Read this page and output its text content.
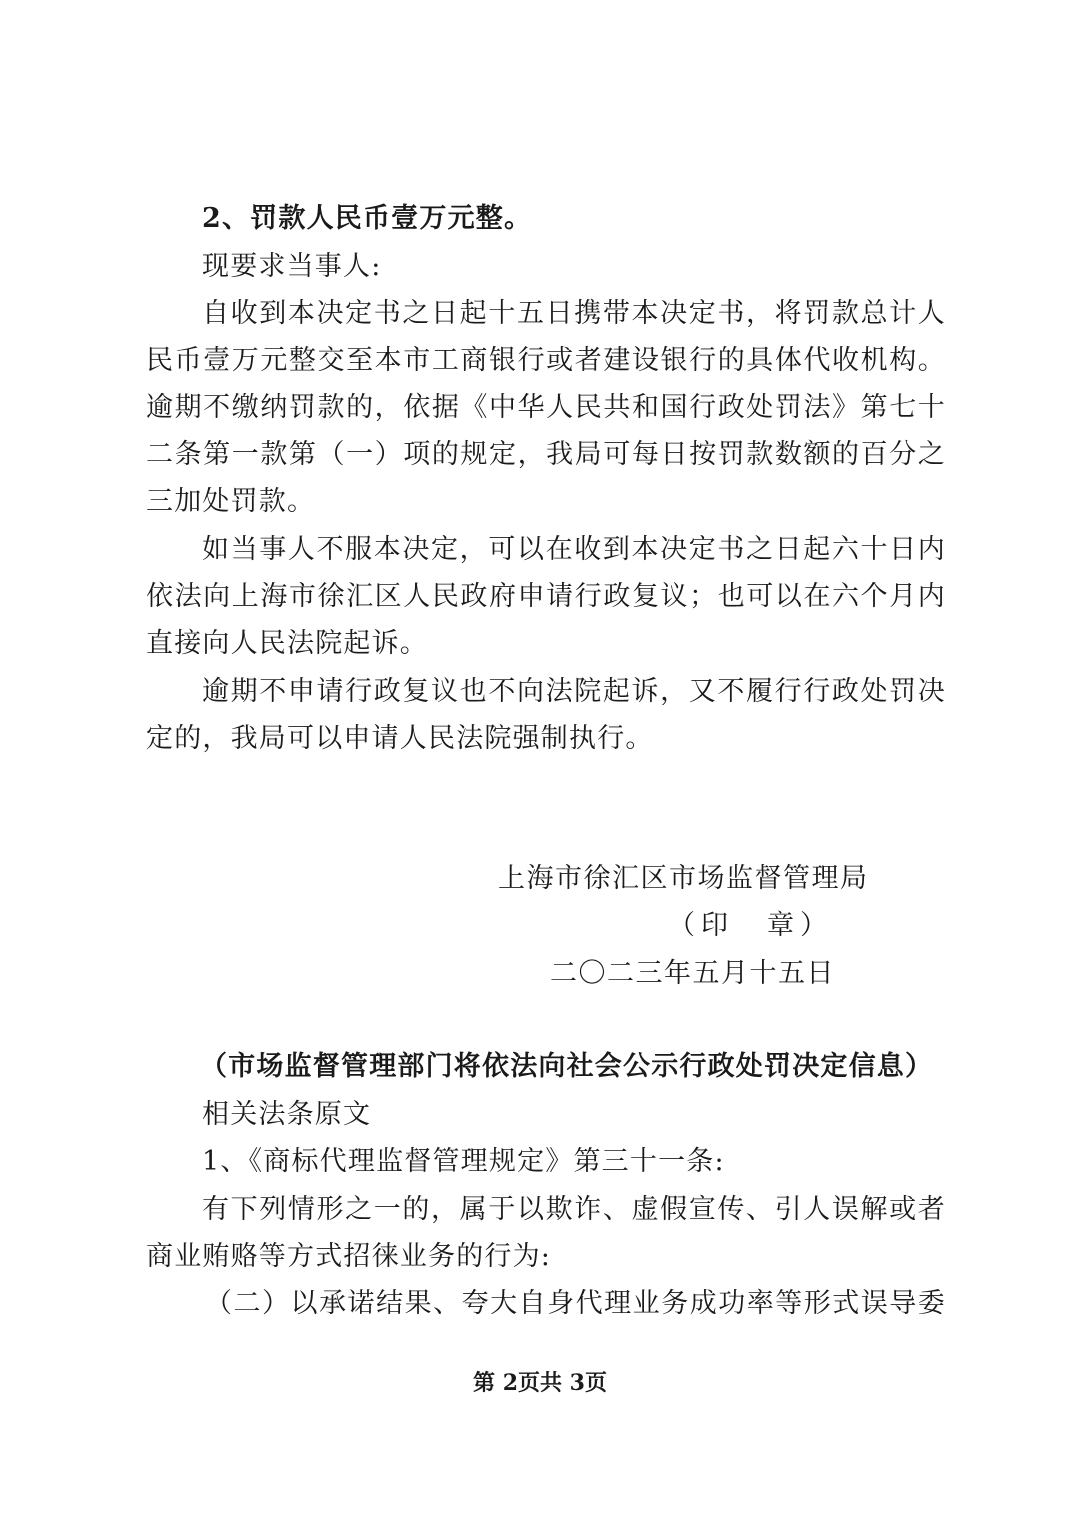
2、罚款人民币壹万元整。
现要求当事人:
自收到本决定书之日起十五日携带本决定书，将罚款总计人
民币壹万元整交至本市工商银行或者建设银行的具体代收机构。
逾期不缴纳罚款的，依据《中华人民共和国行政处罚法》第七十
二条第一款第（一）项的规定，我局可每日按罚款数额的百分之
三加处罚款。
如当事人不服本决定，可以在收到本决定书之日起六十日内
依法向上海市徐汇区人民政府申请行政复议；也可以在六个月内
直接向人民法院起诉。
逾期不申请行政复议也不向法院起诉，又不履行行政处罚决
定的，我局可以申请人民法院强制执行。
上海市徐汇区市场监督管理局
（印　章）
二〇二三年五月十五日
（市场监督管理部门将依法向社会公示行政处罚决定信息）
相关法条原文
1、《商标代理监督管理规定》第三十一条:
有下列情形之一的，属于以欺诈、虚假宣传、引人误解或者
商业贿赂等方式招徕业务的行为:
（二）以承诺结果、夸大自身代理业务成功率等形式误导委
第 2页共 3页
